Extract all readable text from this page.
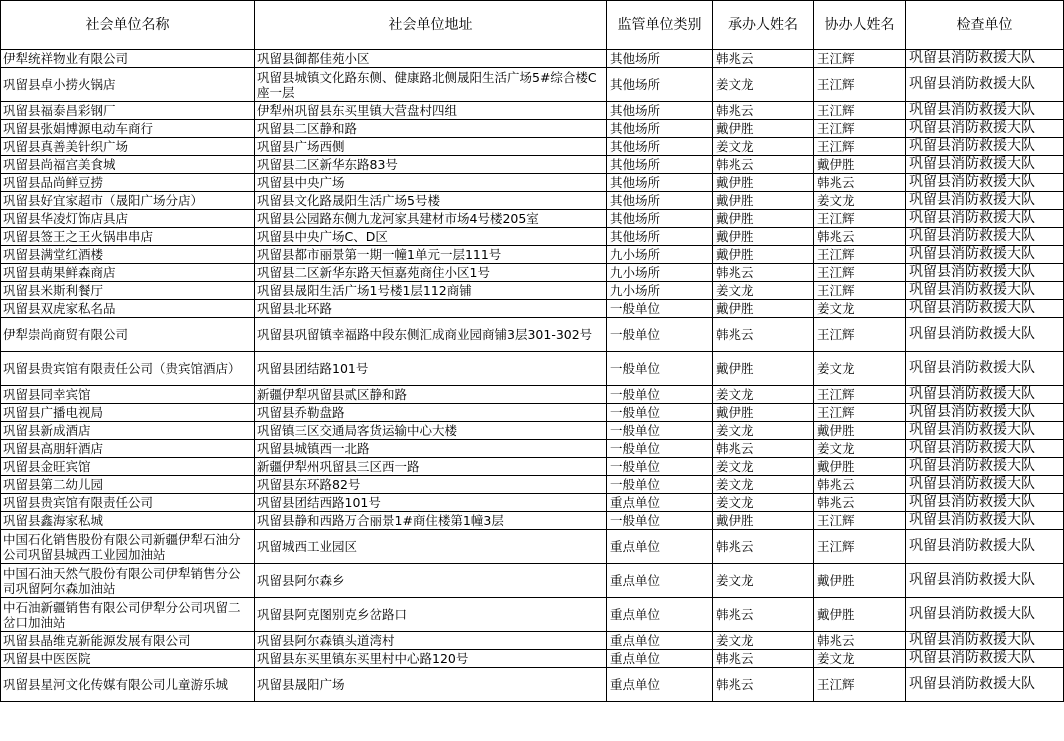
社会单位名称	社会单位地址	监管单位类别	承办人姓名	协办人姓名	检查单位
伊犁统祥物业有限公司	巩留县御都佳苑小区	其他场所	韩兆云	王江辉	巩留县消防救援大队
巩留县卓小捞火锅店	巩留县城镇文化路东侧、健康路北侧晟阳生活广场5#综合楼C座一层	其他场所	姜文龙	王江辉	巩留县消防救援大队
巩留县福泰昌彩钢厂	伊犁州巩留县东买里镇大营盘村四组	其他场所	韩兆云	王江辉	巩留县消防救援大队
巩留县张娟博源电动车商行	巩留县二区静和路	其他场所	戴伊胜	王江辉	巩留县消防救援大队
巩留县真善美针织广场	巩留县广场西侧	其他场所	姜文龙	王江辉	巩留县消防救援大队
巩留县尚福宫美食城	巩留县二区新华东路83号	其他场所	韩兆云	戴伊胜	巩留县消防救援大队
巩留县品尚鲜豆捞	巩留县中央广场	其他场所	戴伊胜	韩兆云	巩留县消防救援大队
巩留县好宜家超市（晟阳广场分店）	巩留县文化路晟阳生活广场5号楼	其他场所	戴伊胜	姜文龙	巩留县消防救援大队
巩留县华凌灯饰店具店	巩留县公园路东侧九龙河家具建材市场4号楼205室	其他场所	戴伊胜	王江辉	巩留县消防救援大队
巩留县签王之王火锅串串店	巩留县中央广场C、D区	其他场所	戴伊胜	韩兆云	巩留县消防救援大队
巩留县满堂红酒楼	巩留县都市丽景第一期一幢1单元一层111号	九小场所	戴伊胜	王江辉	巩留县消防救援大队
巩留县萌果鲜森商店	巩留县二区新华东路天恒嘉苑商住小区1号	九小场所	韩兆云	王江辉	巩留县消防救援大队
巩留县米斯利餐厅	巩留县晟阳生活广场1号楼1层112商铺	九小场所	姜文龙	王江辉	巩留县消防救援大队
巩留县双虎家私名品	巩留县北环路	一般单位	戴伊胜	姜文龙	巩留县消防救援大队
伊犁崇尚商贸有限公司	巩留县巩留镇幸福路中段东侧汇成商业园商铺3层301-302号	一般单位	韩兆云	王江辉	巩留县消防救援大队
巩留县贵宾馆有限责任公司（贵宾馆酒店）	巩留县团结路101号	一般单位	戴伊胜	姜文龙	巩留县消防救援大队
巩留县同幸宾馆	新疆伊犁巩留县贰区静和路	一般单位	姜文龙	王江辉	巩留县消防救援大队
巩留县广播电视局	巩留县乔勒盘路	一般单位	戴伊胜	王江辉	巩留县消防救援大队
巩留县新成酒店	巩留镇三区交通局客货运输中心大楼	一般单位	姜文龙	戴伊胜	巩留县消防救援大队
巩留县高朋轩酒店	巩留县城镇西一北路	一般单位	韩兆云	姜文龙	巩留县消防救援大队
巩留县金旺宾馆	新疆伊犁州巩留县三区西一路	一般单位	姜文龙	戴伊胜	巩留县消防救援大队
巩留县第二幼儿园	巩留县东环路82号	一般单位	姜文龙	韩兆云	巩留县消防救援大队
巩留县贵宾馆有限责任公司	巩留县团结西路101号	重点单位	姜文龙	韩兆云	巩留县消防救援大队
巩留县鑫海家私城	巩留县静和西路万合丽景1#商住楼第1幢3层	一般单位	戴伊胜	王江辉	巩留县消防救援大队
中国石化销售股份有限公司新疆伊犁石油分公司巩留县城西工业园加油站	巩留城西工业园区	重点单位	韩兆云	王江辉	巩留县消防救援大队
中国石油天然气股份有限公司伊犁销售分公司巩留阿尔森加油站	巩留县阿尔森乡	重点单位	姜文龙	戴伊胜	巩留县消防救援大队
中石油新疆销售有限公司伊犁分公司巩留二岔口加油站	巩留县阿克图别克乡岔路口	重点单位	韩兆云	戴伊胜	巩留县消防救援大队
巩留县晶维克新能源发展有限公司	巩留县阿尔森镇头道湾村	重点单位	姜文龙	韩兆云	巩留县消防救援大队
巩留县中医医院	巩留县东买里镇东买里村中心路120号	重点单位	韩兆云	姜文龙	巩留县消防救援大队
巩留县星河文化传媒有限公司儿童游乐城	巩留县晟阳广场	重点单位	韩兆云	王江辉	巩留县消防救援大队
